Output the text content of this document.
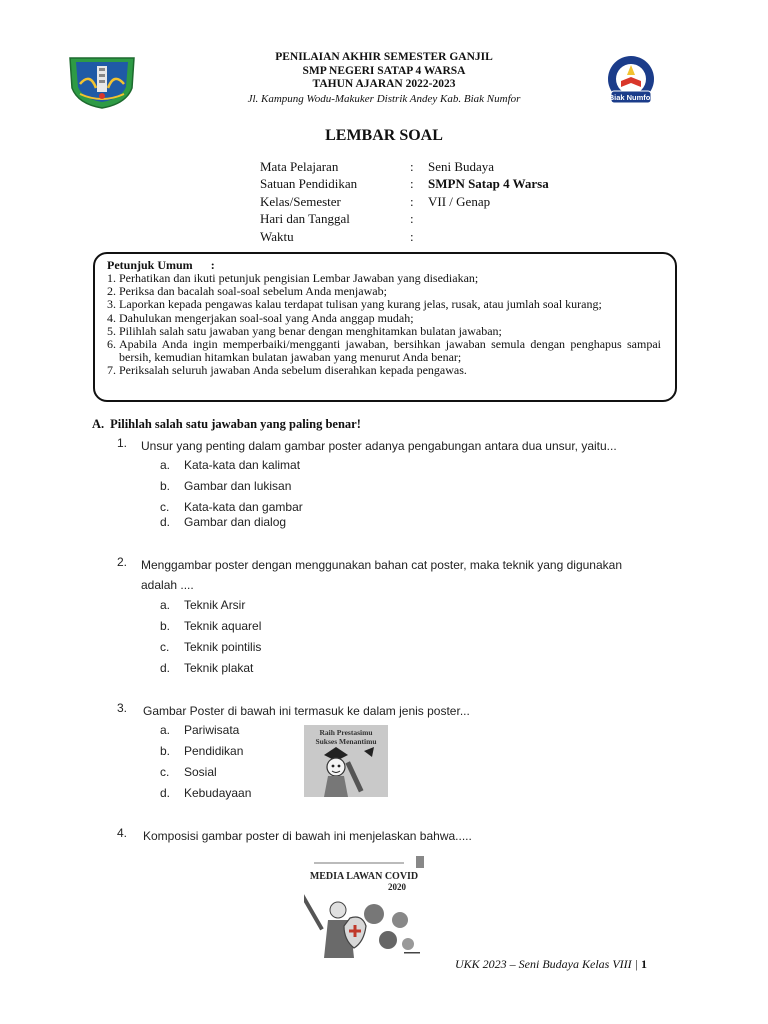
Biak Numfor
PENILAIAN AKHIR SEMESTER GANJIL
SMP NEGERI SATAP 4 WARSA
TAHUN AJARAN 2022-2023
Jl. Kampung Wodu-Makuker Distrik Andey Kab. Biak Numfor
LEMBAR SOAL
Mata Pelajaran	:	Seni Budaya
Satuan Pendidikan	:	SMPN Satap 4 Warsa
Kelas/Semester	:	VII / Genap
Hari dan Tanggal	:
Waktu	:
Petunjuk Umum :
1. Perhatikan dan ikuti petunjuk pengisian Lembar Jawaban yang disediakan;
2. Periksa dan bacalah soal-soal sebelum Anda menjawab;
3. Laporkan kepada pengawas kalau terdapat tulisan yang kurang jelas, rusak, atau jumlah soal kurang;
4. Dahulukan mengerjakan soal-soal yang Anda anggap mudah;
5. Pilihlah salah satu jawaban yang benar dengan menghitamkan bulatan jawaban;
6. Apabila Anda ingin memperbaiki/mengganti jawaban, bersihkan jawaban semula dengan penghapus sampai bersih, kemudian hitamkan bulatan jawaban yang menurut Anda benar;
7. Periksalah seluruh jawaban Anda sebelum diserahkan kepada pengawas.
A. Pilihlah salah satu jawaban yang paling benar!
1. Unsur yang penting dalam gambar poster adanya pengabungan antara dua unsur, yaitu...
a. Kata-kata dan kalimat
b. Gambar dan lukisan
c. Kata-kata dan gambar
d. Gambar dan dialog
2. Menggambar poster dengan menggunakan bahan cat poster, maka teknik yang digunakan adalah ....
a. Teknik Arsir
b. Teknik aquarel
c. Teknik pointilis
d. Teknik plakat
3. Gambar Poster di bawah ini termasuk ke dalam jenis poster...
a. Pariwisata
b. Pendidikan
c. Sosial
d. Kebudayaan
Raih Prestasimu
Sukses Menantimu
4. Komposisi gambar poster di bawah ini menjelaskan bahwa.....
MEDIA LAWAN COVID
2020
UKK 2023 – Seni Budaya Kelas VIII | 1
